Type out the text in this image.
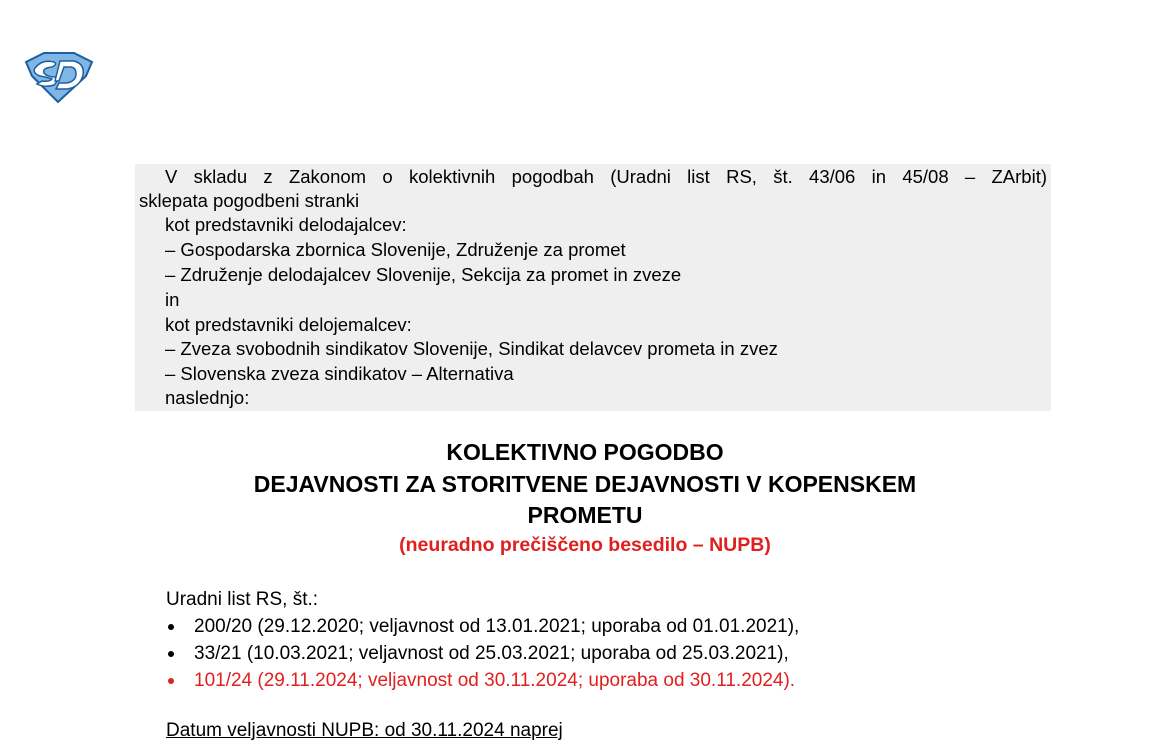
V skladu z Zakonom o kolektivnih pogodbah (Uradni list RS, št. 43/06 in 45/08 – ZArbit)
sklepata pogodbeni stranki
kot predstavniki delodajalcev:
– Gospodarska zbornica Slovenije, Združenje za promet
– Združenje delodajalcev Slovenije, Sekcija za promet in zveze
in
kot predstavniki delojemalcev:
– Zveza svobodnih sindikatov Slovenije, Sindikat delavcev prometa in zvez
– Slovenska zveza sindikatov – Alternativa
naslednjo:
KOLEKTIVNO POGODBO
DEJAVNOSTI ZA STORITVENE DEJAVNOSTI V KOPENSKEM
PROMETU
(neuradno prečiščeno besedilo – NUPB)
Uradni list RS, št.:
200/20 (29.12.2020; veljavnost od 13.01.2021; uporaba od 01.01.2021),
33/21 (10.03.2021; veljavnost od 25.03.2021; uporaba od 25.03.2021),
101/24 (29.11.2024; veljavnost od 30.11.2024; uporaba od 30.11.2024).
Datum veljavnosti NUPB: od 30.11.2024 naprej
